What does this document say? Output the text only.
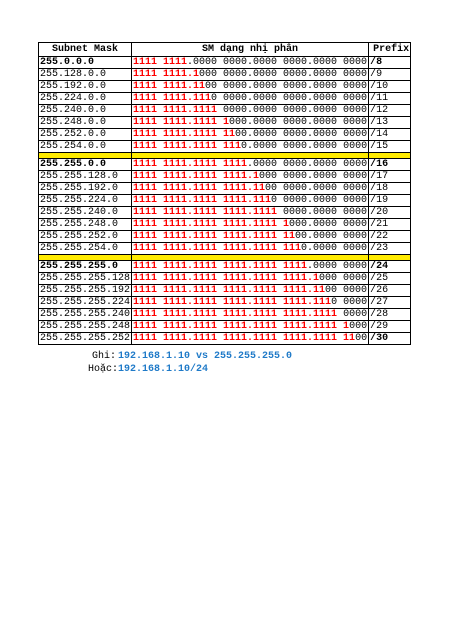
Subnet Mask	SM dạng nhị phân	Prefix
255.0.0.0	1111 1111.0000 0000.0000 0000.0000 0000	/8
255.128.0.0	1111 1111.1000 0000.0000 0000.0000 0000	/9
255.192.0.0	1111 1111.1100 0000.0000 0000.0000 0000	/10
255.224.0.0	1111 1111.1110 0000.0000 0000.0000 0000	/11
255.240.0.0	1111 1111.1111 0000.0000 0000.0000 0000	/12
255.248.0.0	1111 1111.1111 1000.0000 0000.0000 0000	/13
255.252.0.0	1111 1111.1111 1100.0000 0000.0000 0000	/14
255.254.0.0	1111 1111.1111 1110.0000 0000.0000 0000	/15

255.255.0.0	1111 1111.1111 1111.0000 0000.0000 0000	/16
255.255.128.0	1111 1111.1111 1111.1000 0000.0000 0000	/17
255.255.192.0	1111 1111.1111 1111.1100 0000.0000 0000	/18
255.255.224.0	1111 1111.1111 1111.1110 0000.0000 0000	/19
255.255.240.0	1111 1111.1111 1111.1111 0000.0000 0000	/20
255.255.248.0	1111 1111.1111 1111.1111 1000.0000 0000	/21
255.255.252.0	1111 1111.1111 1111.1111 1100.0000 0000	/22
255.255.254.0	1111 1111.1111 1111.1111 1110.0000 0000	/23

255.255.255.0	1111 1111.1111 1111.1111 1111.0000 0000	/24
255.255.255.128	1111 1111.1111 1111.1111 1111.1000 0000	/25
255.255.255.192	1111 1111.1111 1111.1111 1111.1100 0000	/26
255.255.255.224	1111 1111.1111 1111.1111 1111.1110 0000	/27
255.255.255.240	1111 1111.1111 1111.1111 1111.1111 0000	/28
255.255.255.248	1111 1111.1111 1111.1111 1111.1111 1000	/29
255.255.255.252	1111 1111.1111 1111.1111 1111.1111 1100	/30
Ghi: 192.168.1.10 vs 255.255.255.0
Hoặc: 192.168.1.10/24
